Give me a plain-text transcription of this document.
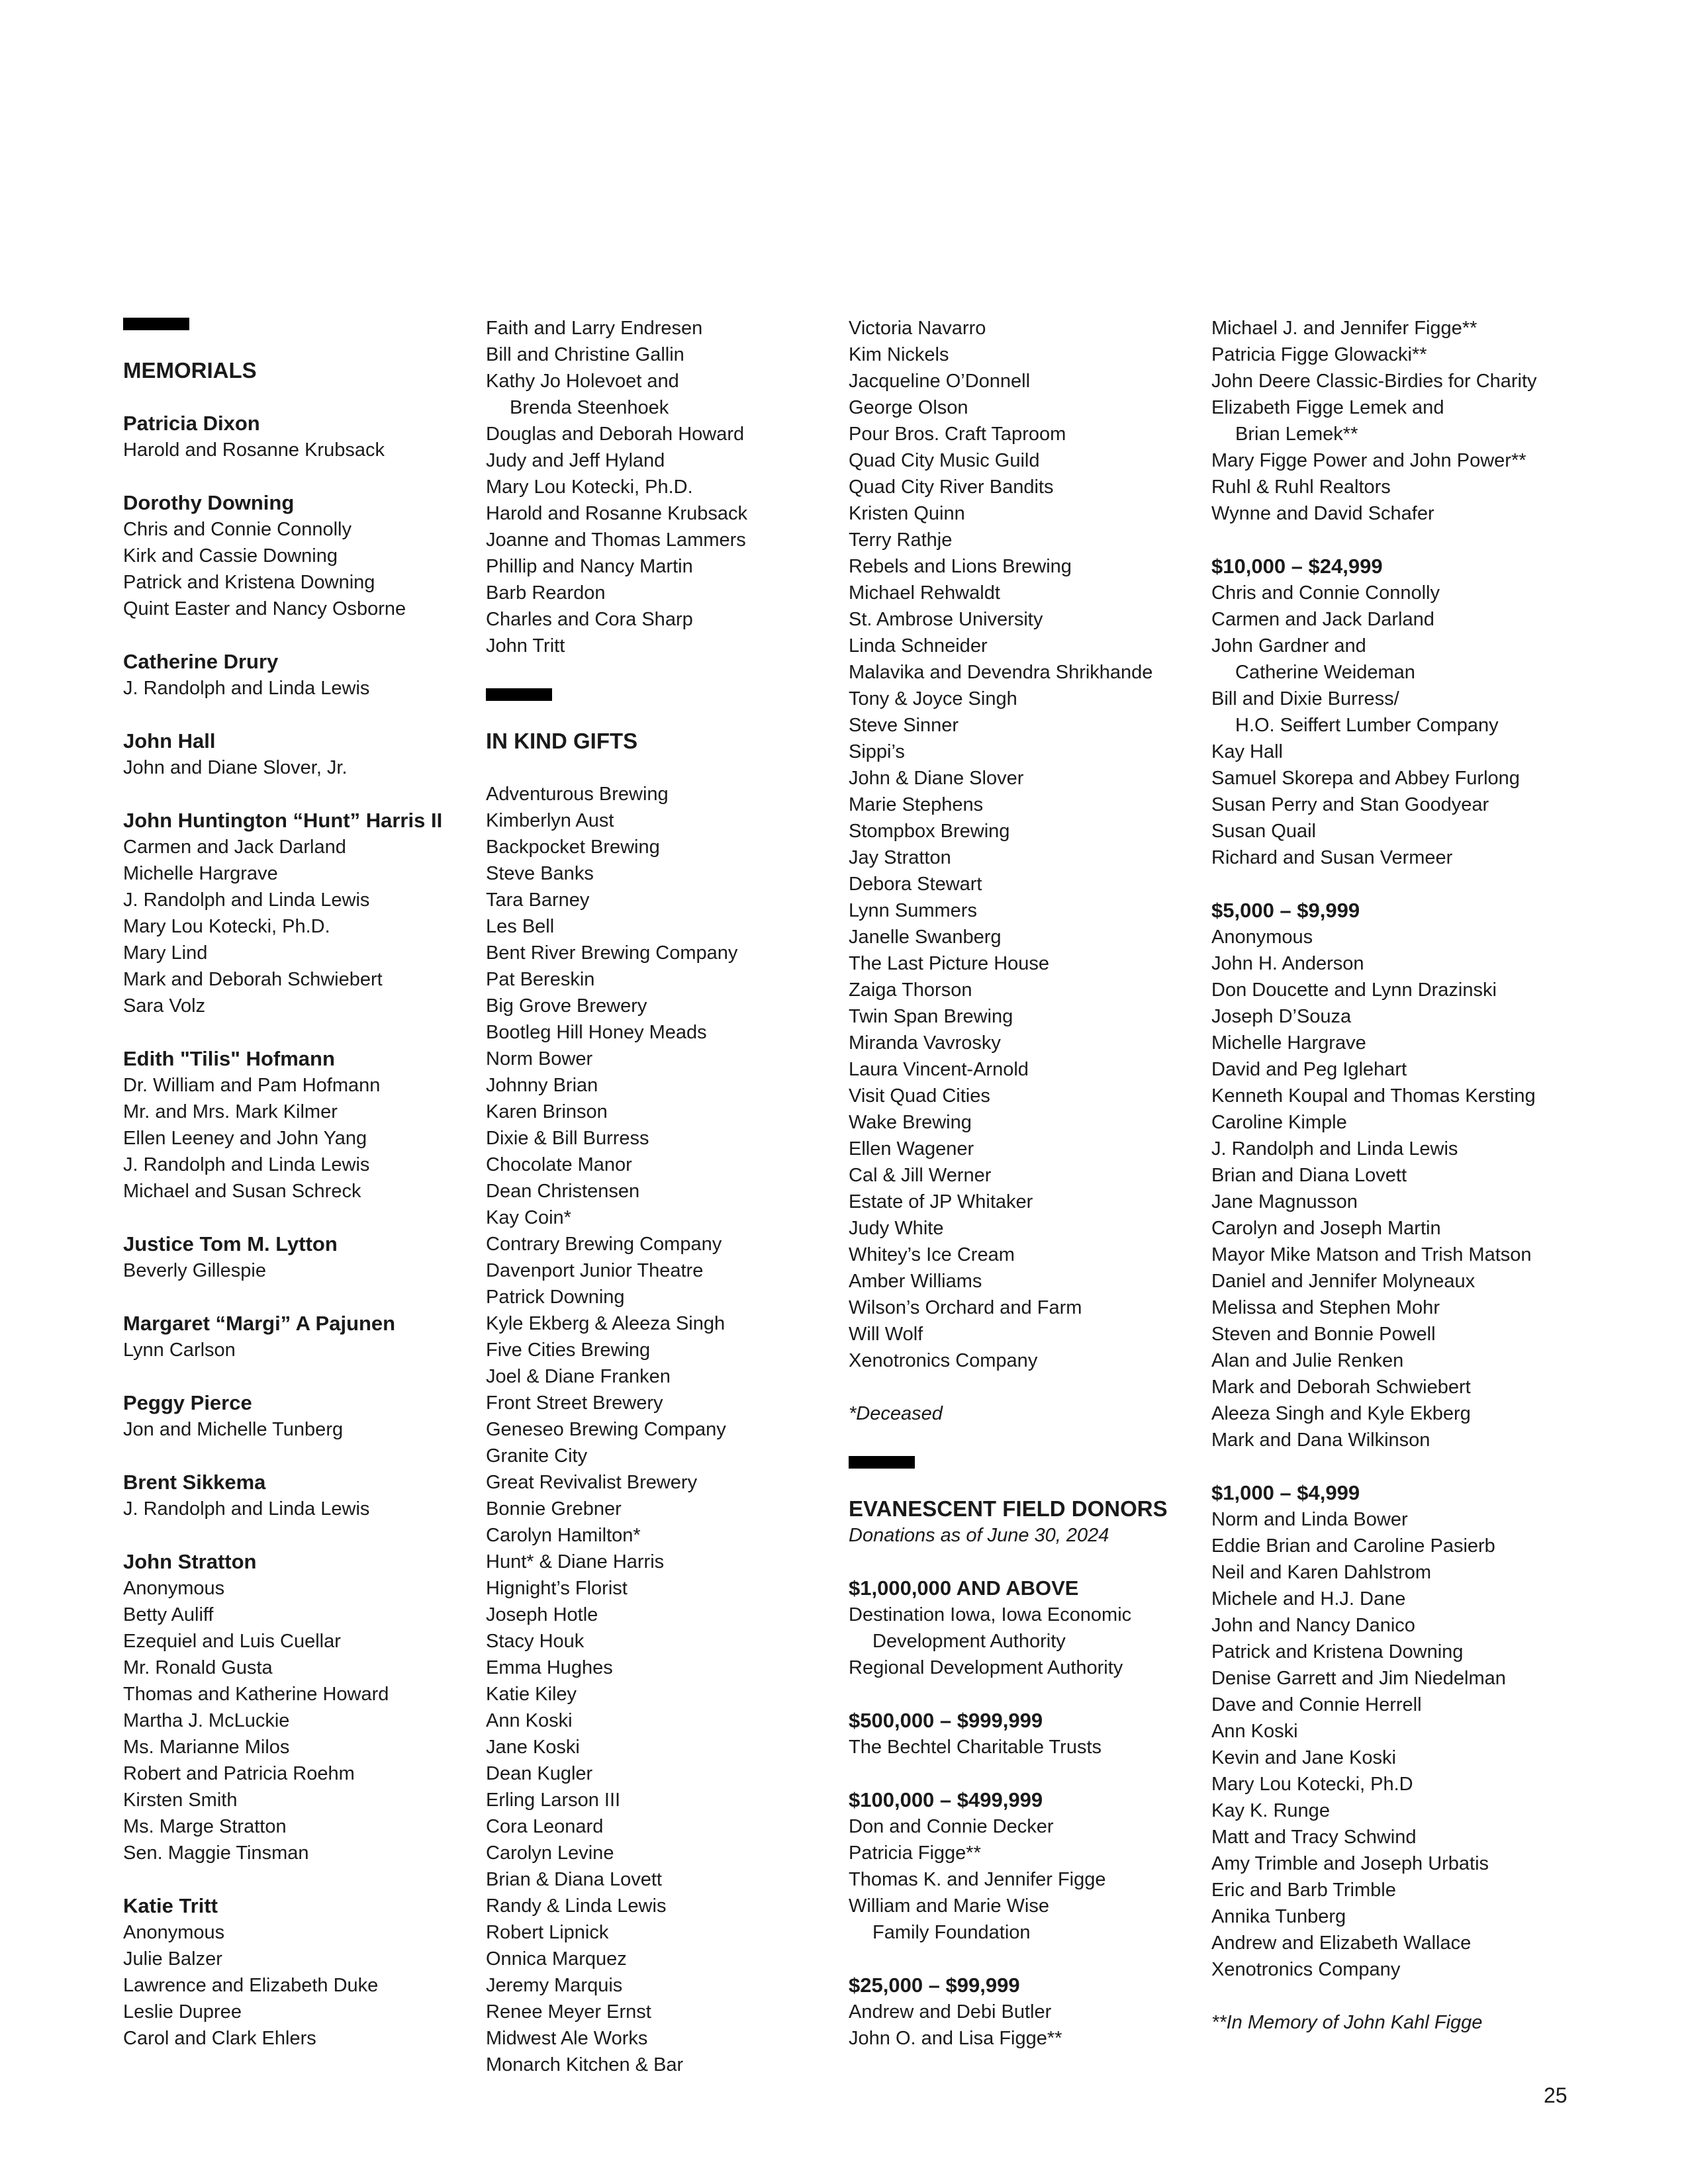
MEMORIALS

Patricia Dixon

Harold and Rosanne Krubsack

Dorothy Downing

Chris and Connie Connolly

Kirk and Cassie Downing

Patrick and Kristena Downing

Quint Easter and Nancy Osborne

Catherine Drury

J. Randolph and Linda Lewis

John Hall

John and Diane Slover, Jr.

John Huntington “Hunt” Harris II

Carmen and Jack Darland

Michelle Hargrave

J. Randolph and Linda Lewis

Mary Lou Kotecki, Ph.D.

Mary Lind

Mark and Deborah Schwiebert

Sara Volz

Edith "Tilis" Hofmann

Dr. William and Pam Hofmann

Mr. and Mrs. Mark Kilmer

Ellen Leeney and John Yang

J. Randolph and Linda Lewis

Michael and Susan Schreck

Justice Tom M. Lytton

Beverly Gillespie

Margaret “Margi” A Pajunen

Lynn Carlson

Peggy Pierce

Jon and Michelle Tunberg

Brent Sikkema

J. Randolph and Linda Lewis

John Stratton

Anonymous

Betty Auliff

Ezequiel and Luis Cuellar

Mr. Ronald Gusta

Thomas and Katherine Howard

Martha J. McLuckie

Ms. Marianne Milos

Robert and Patricia Roehm

Kirsten Smith

Ms. Marge Stratton

Sen. Maggie Tinsman

Katie Tritt

Anonymous

Julie Balzer

Lawrence and Elizabeth Duke

Leslie Dupree

Carol and Clark Ehlers

Faith and Larry Endresen

Bill and Christine Gallin

Kathy Jo Holevoet and

Brenda Steenhoek

Douglas and Deborah Howard

Judy and Jeff Hyland

Mary Lou Kotecki, Ph.D.

Harold and Rosanne Krubsack

Joanne and Thomas Lammers

Phillip and Nancy Martin

Barb Reardon

Charles and Cora Sharp

John Tritt

IN KIND GIFTS

Adventurous Brewing

Kimberlyn Aust

Backpocket Brewing

Steve Banks

Tara Barney

Les Bell

Bent River Brewing Company

Pat Bereskin

Big Grove Brewery

Bootleg Hill Honey Meads

Norm Bower

Johnny Brian

Karen Brinson

Dixie & Bill Burress

Chocolate Manor

Dean Christensen

Kay Coin*

Contrary Brewing Company

Davenport Junior Theatre

Patrick Downing

Kyle Ekberg & Aleeza Singh

Five Cities Brewing

Joel & Diane Franken

Front Street Brewery

Geneseo Brewing Company

Granite City

Great Revivalist Brewery

Bonnie Grebner

Carolyn Hamilton*

Hunt* & Diane Harris

Hignight’s Florist

Joseph Hotle

Stacy Houk

Emma Hughes

Katie Kiley

Ann Koski

Jane Koski

Dean Kugler

Erling Larson III

Cora Leonard

Carolyn Levine

Brian & Diana Lovett

Randy & Linda Lewis

Robert Lipnick

Onnica Marquez

Jeremy Marquis

Renee Meyer Ernst

Midwest Ale Works

Monarch Kitchen & Bar

Victoria Navarro

Kim Nickels

Jacqueline O’Donnell

George Olson

Pour Bros. Craft Taproom

Quad City Music Guild

Quad City River Bandits

Kristen Quinn

Terry Rathje

Rebels and Lions Brewing

Michael Rehwaldt

St. Ambrose University

Linda Schneider

Malavika and Devendra Shrikhande

Tony & Joyce Singh

Steve Sinner

Sippi’s

John & Diane Slover

Marie Stephens

Stompbox Brewing

Jay Stratton

Debora Stewart

Lynn Summers

Janelle Swanberg

The Last Picture House

Zaiga Thorson

Twin Span Brewing

Miranda Vavrosky

Laura Vincent-Arnold

Visit Quad Cities

Wake Brewing

Ellen Wagener

Cal & Jill Werner

Estate of JP Whitaker

Judy White

Whitey’s Ice Cream

Amber Williams

Wilson’s Orchard and Farm

Will Wolf

Xenotronics Company

*Deceased

EVANESCENT FIELD DONORS

Donations as of June 30, 2024

$1,000,000 AND ABOVE

Destination Iowa, Iowa Economic

Development Authority

Regional Development Authority

$500,000 – $999,999

The Bechtel Charitable Trusts

$100,000 – $499,999

Don and Connie Decker

Patricia Figge**

Thomas K. and Jennifer Figge

William and Marie Wise

Family Foundation

$25,000 – $99,999

Andrew and Debi Butler

John O. and Lisa Figge**

Michael J. and Jennifer Figge**

Patricia Figge Glowacki**

John Deere Classic-Birdies for Charity

Elizabeth Figge Lemek and

Brian Lemek**

Mary Figge Power and John Power**

Ruhl & Ruhl Realtors

Wynne and David Schafer

$10,000 – $24,999

Chris and Connie Connolly

Carmen and Jack Darland

John Gardner and

Catherine Weideman

Bill and Dixie Burress/

H.O. Seiffert Lumber Company

Kay Hall

Samuel Skorepa and Abbey Furlong

Susan Perry and Stan Goodyear

Susan Quail

Richard and Susan Vermeer

$5,000 – $9,999

Anonymous

John H. Anderson

Don Doucette and Lynn Drazinski

Joseph D’Souza

Michelle Hargrave

David and Peg Iglehart

Kenneth Koupal and Thomas Kersting

Caroline Kimple

J. Randolph and Linda Lewis

Brian and Diana Lovett

Jane Magnusson

Carolyn and Joseph Martin

Mayor Mike Matson and Trish Matson

Daniel and Jennifer Molyneaux

Melissa and Stephen Mohr

Steven and Bonnie Powell

Alan and Julie Renken

Mark and Deborah Schwiebert

Aleeza Singh and Kyle Ekberg

Mark and Dana Wilkinson

$1,000 – $4,999

Norm and Linda Bower

Eddie Brian and Caroline Pasierb

Neil and Karen Dahlstrom

Michele and H.J. Dane

John and Nancy Danico

Patrick and Kristena Downing

Denise Garrett and Jim Niedelman

Dave and Connie Herrell

Ann Koski

Kevin and Jane Koski

Mary Lou Kotecki, Ph.D

Kay K. Runge

Matt and Tracy Schwind

Amy Trimble and Joseph Urbatis

Eric and Barb Trimble

Annika Tunberg

Andrew and Elizabeth Wallace

Xenotronics Company

**In Memory of John Kahl Figge

25
